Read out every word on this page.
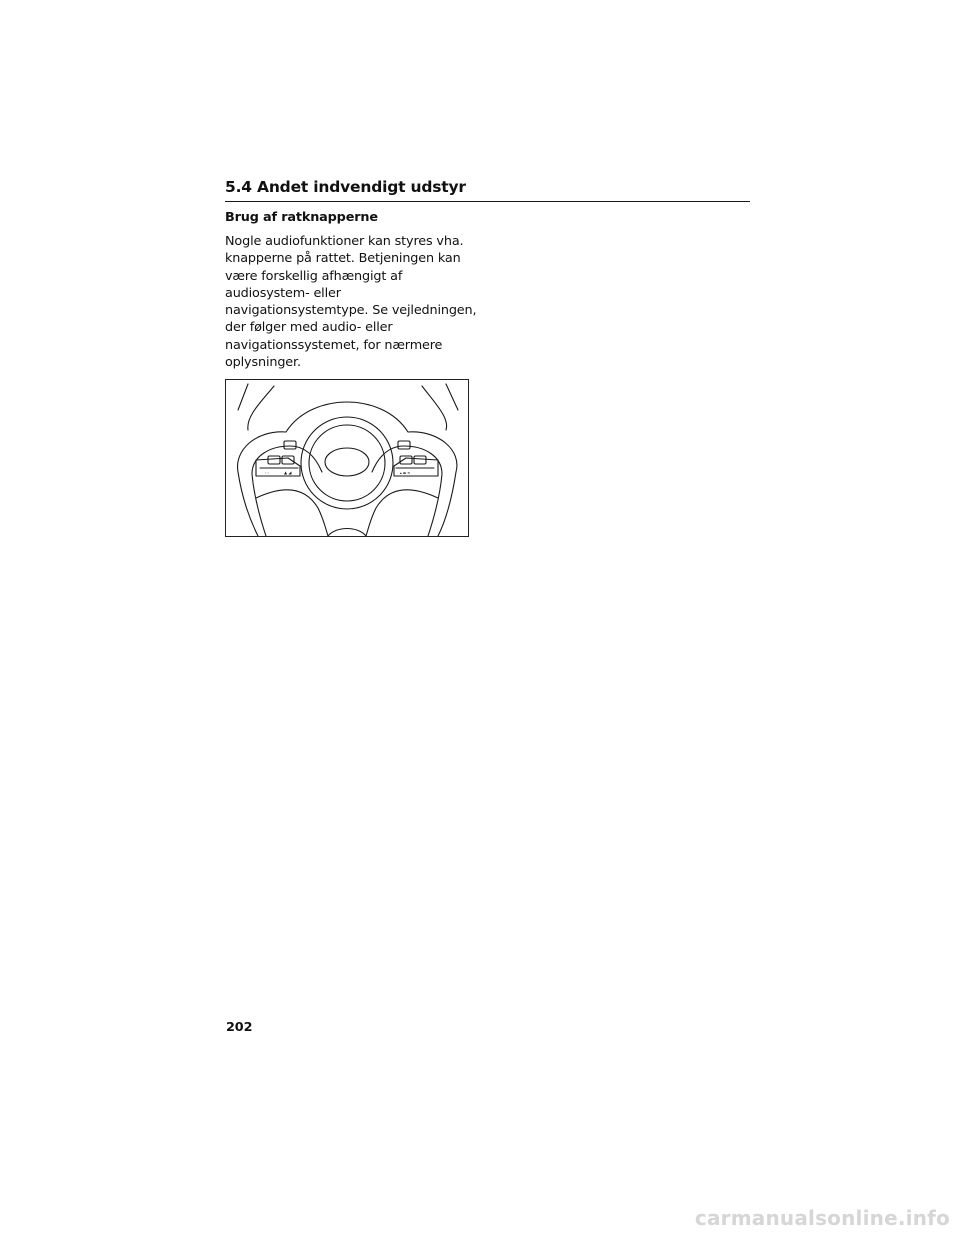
5.4 Andet indvendigt udstyr
Brug af ratknapperne
Nogle audiofunktioner kan styres vha.
knapperne på rattet. Betjeningen kan
være forskellig afhængigt af
audiosystem- eller
navigationsystemtype. Se vejledningen,
der følger med audio- eller
navigationssystemet, for nærmere
oplysninger.
‹ ›	▲ ◢	▴ ▬ ≡
202
carmanualsonline.info
